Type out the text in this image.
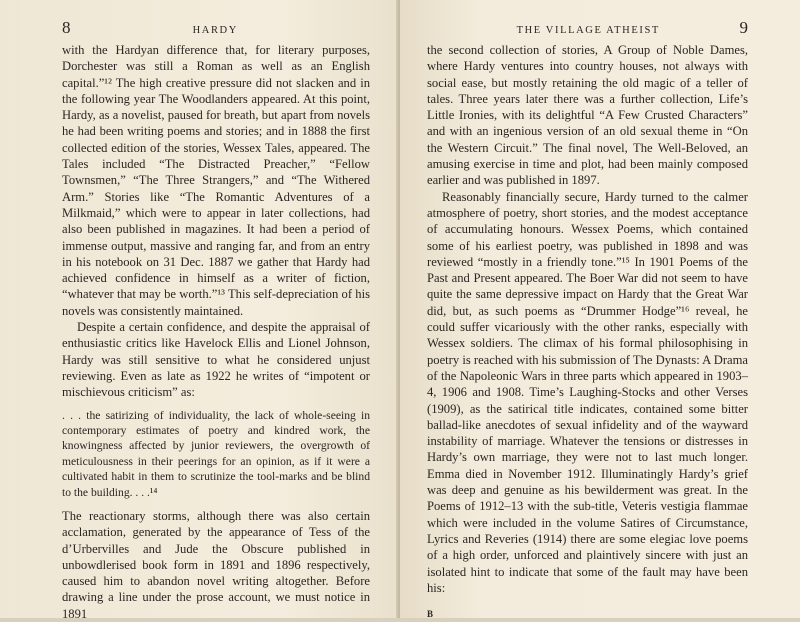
8	HARDY

with the Hardyan difference that, for literary purposes, Dorchester was still a Roman as well as an English capital.”¹² The high creative pressure did not slacken and in the following year The Woodlanders appeared. At this point, Hardy, as a novelist, paused for breath, but apart from novels he had been writing poems and stories; and in 1888 the first collected edition of the stories, Wessex Tales, appeared. The Tales included “The Distracted Preacher,” “Fellow Townsmen,” “The Three Strangers,” and “The Withered Arm.” Stories like “The Romantic Adventures of a Milkmaid,” which were to appear in later collections, had also been published in magazines. It had been a period of immense output, massive and ranging far, and from an entry in his notebook on 31 Dec. 1887 we gather that Hardy had achieved confidence in himself as a writer of fiction, “whatever that may be worth.”¹³ This self-depreciation of his novels was consistently maintained.

Despite a certain confidence, and despite the appraisal of enthusiastic critics like Havelock Ellis and Lionel Johnson, Hardy was still sensitive to what he considered unjust reviewing. Even as late as 1922 he writes of “impotent or mischievous criticism” as:

. . . the satirizing of individuality, the lack of whole-seeing in contemporary estimates of poetry and kindred work, the knowingness affected by junior reviewers, the overgrowth of meticulousness in their peerings for an opinion, as if it were a cultivated habit in them to scrutinize the tool-marks and be blind to the building. . . .¹⁴

The reactionary storms, although there was also certain acclamation, generated by the appearance of Tess of the d’Urbervilles and Jude the Obscure published in unbowdlerised book form in 1891 and 1896 respectively, caused him to abandon novel writing altogether. Before drawing a line under the prose account, we must notice in 1891

THE VILLAGE ATHEIST	9

the second collection of stories, A Group of Noble Dames, where Hardy ventures into country houses, not always with social ease, but mostly retaining the old magic of a teller of tales. Three years later there was a further collection, Life’s Little Ironies, with its delightful “A Few Crusted Characters” and with an ingenious version of an old sexual theme in “On the Western Circuit.” The final novel, The Well-Beloved, an amusing exercise in time and plot, had been mainly composed earlier and was published in 1897.

Reasonably financially secure, Hardy turned to the calmer atmosphere of poetry, short stories, and the modest acceptance of accumulating honours. Wessex Poems, which contained some of his earliest poetry, was published in 1898 and was reviewed “mostly in a friendly tone.”¹⁵ In 1901 Poems of the Past and Present appeared. The Boer War did not seem to have quite the same depressive impact on Hardy that the Great War did, but, as such poems as “Drummer Hodge”¹⁶ reveal, he could suffer vicariously with the other ranks, especially with Wessex soldiers. The climax of his formal philosophising in poetry is reached with his submission of The Dynasts: A Drama of the Napoleonic Wars in three parts which appeared in 1903–4, 1906 and 1908. Time’s Laughing-Stocks and other Verses (1909), as the satirical title indicates, contained some bitter ballad-like anecdotes of sexual infidelity and of the wayward instability of marriage. Whatever the tensions or distresses in Hardy’s own marriage, they were not to last much longer. Emma died in November 1912. Illuminatingly Hardy’s grief was deep and genuine as his bewilderment was great. In the Poems of 1912–13 with the sub-title, Veteris vestigia flammae which were included in the volume Satires of Circumstance, Lyrics and Reveries (1914) there are some elegiac love poems of a high order, unforced and plaintively sincere with just an isolated hint to indicate that some of the fault may have been his:

B
